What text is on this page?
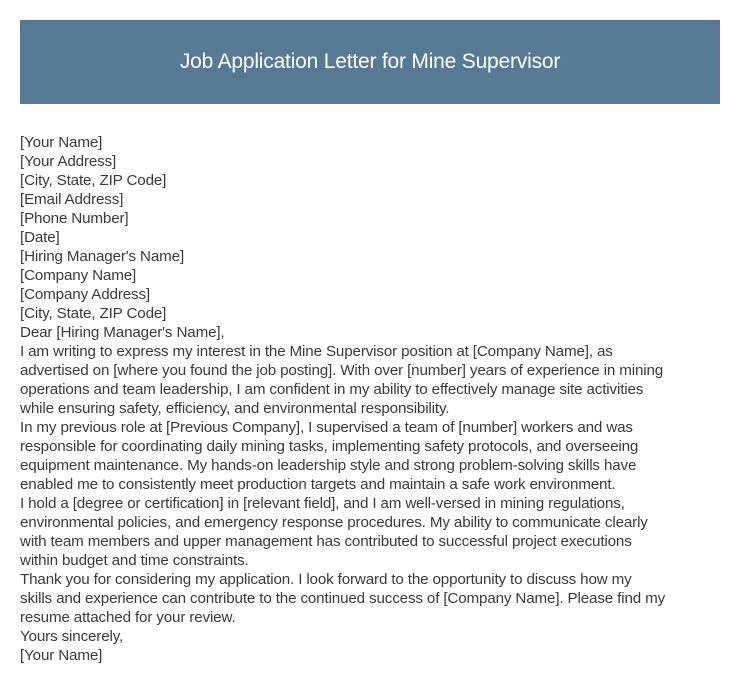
Job Application Letter for Mine Supervisor
[Your Name]
[Your Address]
[City, State, ZIP Code]
[Email Address]
[Phone Number]
[Date]
[Hiring Manager's Name]
[Company Name]
[Company Address]
[City, State, ZIP Code]
Dear [Hiring Manager's Name],
I am writing to express my interest in the Mine Supervisor position at [Company Name], as
advertised on [where you found the job posting]. With over [number] years of experience in mining
operations and team leadership, I am confident in my ability to effectively manage site activities
while ensuring safety, efficiency, and environmental responsibility.
In my previous role at [Previous Company], I supervised a team of [number] workers and was
responsible for coordinating daily mining tasks, implementing safety protocols, and overseeing
equipment maintenance. My hands-on leadership style and strong problem-solving skills have
enabled me to consistently meet production targets and maintain a safe work environment.
I hold a [degree or certification] in [relevant field], and I am well-versed in mining regulations,
environmental policies, and emergency response procedures. My ability to communicate clearly
with team members and upper management has contributed to successful project executions
within budget and time constraints.
Thank you for considering my application. I look forward to the opportunity to discuss how my
skills and experience can contribute to the continued success of [Company Name]. Please find my
resume attached for your review.
Yours sincerely,
[Your Name]
